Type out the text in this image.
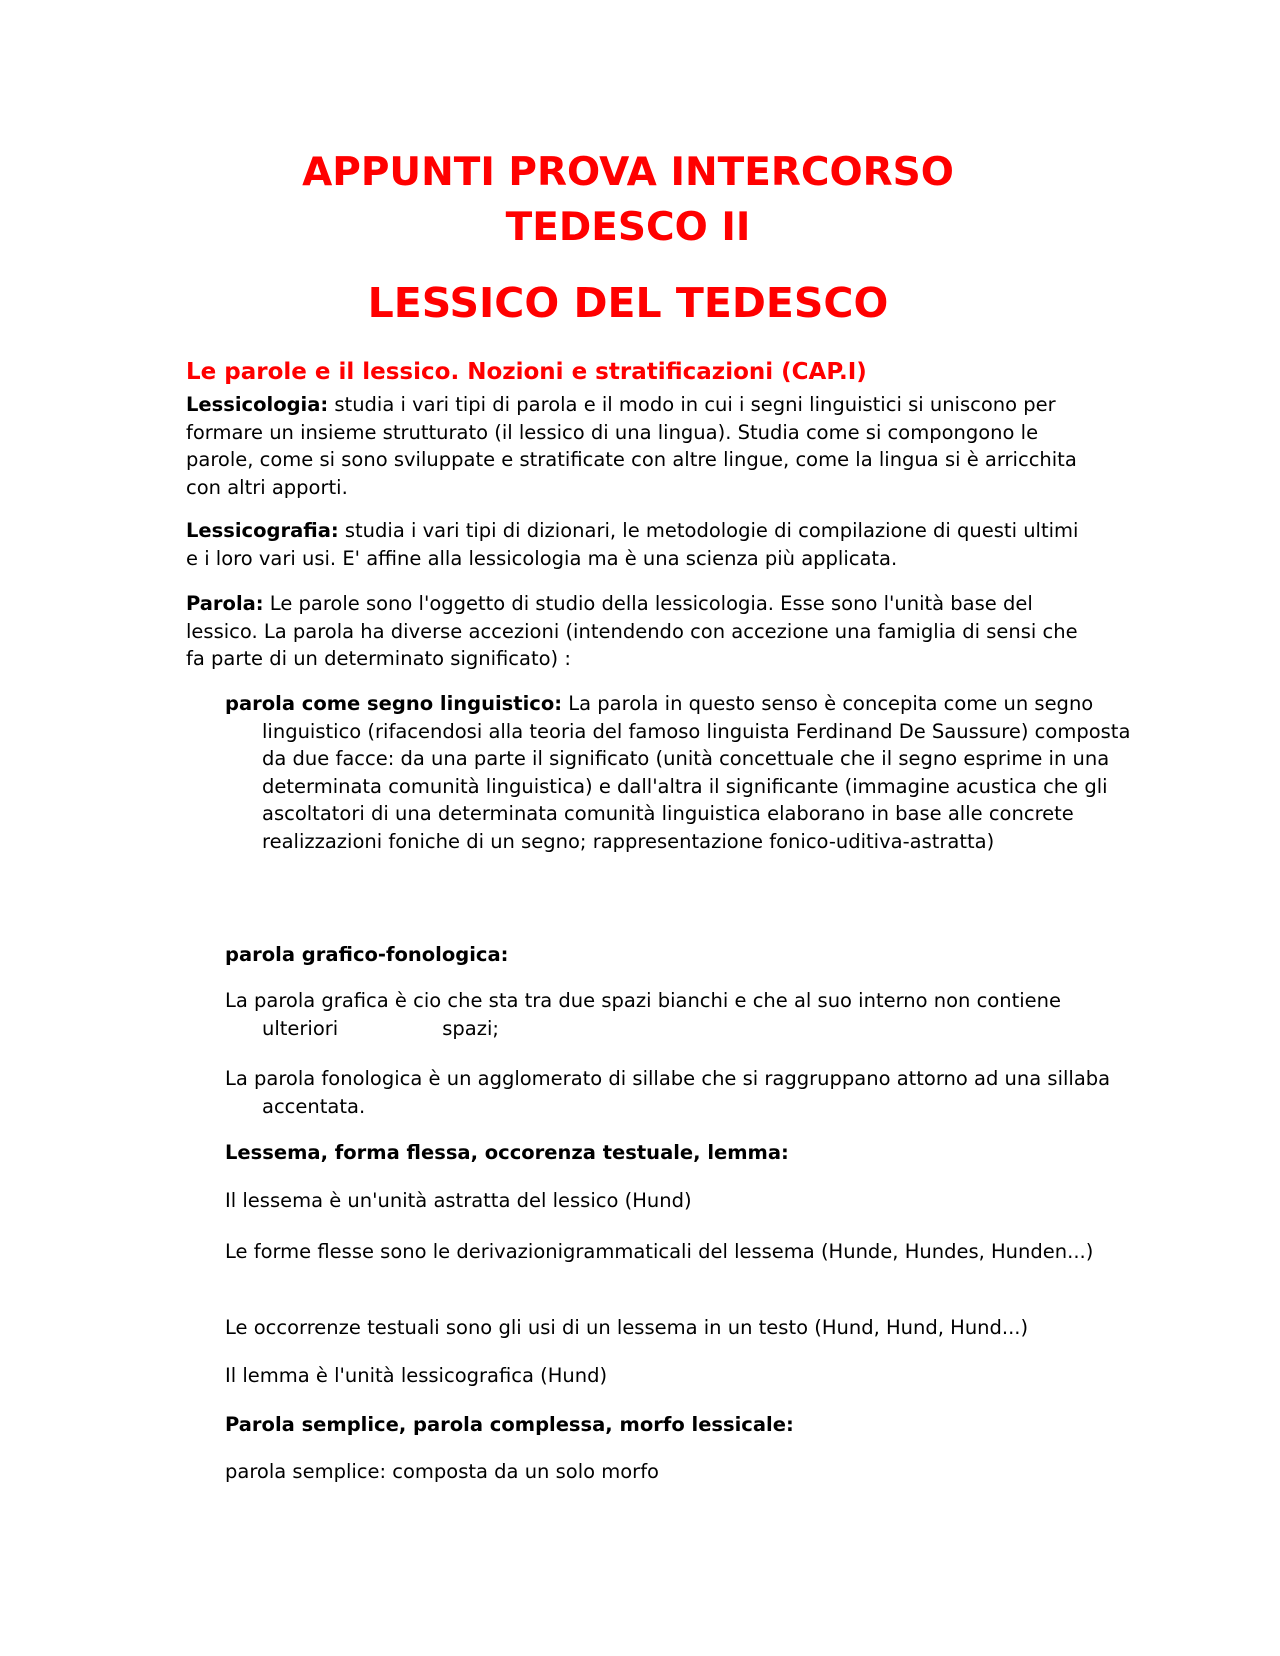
APPUNTI PROVA INTERCORSO
TEDESCO II
LESSICO DEL TEDESCO
Le parole e il lessico. Nozioni e stratificazioni (CAP.I)

Lessicologia: studia i vari tipi di parola e il modo in cui i segni linguistici si uniscono per formare un insieme strutturato (il lessico di una lingua). Studia come si compongono le parole, come si sono sviluppate e stratificate con altre lingue, come la lingua si è arricchita con altri apporti.

Lessicografia: studia i vari tipi di dizionari, le metodologie di compilazione di questi ultimi e i loro vari usi. E' affine alla lessicologia ma è una scienza più applicata.

Parola: Le parole sono l'oggetto di studio della lessicologia. Esse sono l'unità base del lessico. La parola ha diverse accezioni (intendendo con accezione una famiglia di sensi che fa parte di un determinato significato) :

parola come segno linguistico: La parola in questo senso è concepita come un segno linguistico (rifacendosi alla teoria del famoso linguista Ferdinand De Saussure) composta da due facce: da una parte il significato (unità concettuale che il segno esprime in una determinata comunità linguistica) e dall'altra il significante (immagine acustica che gli ascoltatori di una determinata comunità linguistica elaborano in base alle concrete realizzazioni foniche di un segno; rappresentazione fonico-uditiva-astratta)

parola grafico-fonologica:

La parola grafica è cio che sta tra due spazi bianchi e che al suo interno non contiene ulteriori	spazi;

La parola fonologica è un agglomerato di sillabe che si raggruppano attorno ad una sillaba accentata.

Lessema, forma flessa, occorenza testuale, lemma:

Il lessema è un'unità astratta del lessico (Hund)

Le forme flesse sono le derivazionigrammaticali del lessema (Hunde, Hundes, Hunden...)

Le occorrenze testuali sono gli usi di un lessema in un testo (Hund, Hund, Hund...)

Il lemma è l'unità lessicografica (Hund)

Parola semplice, parola complessa, morfo lessicale:

parola semplice: composta da un solo morfo
